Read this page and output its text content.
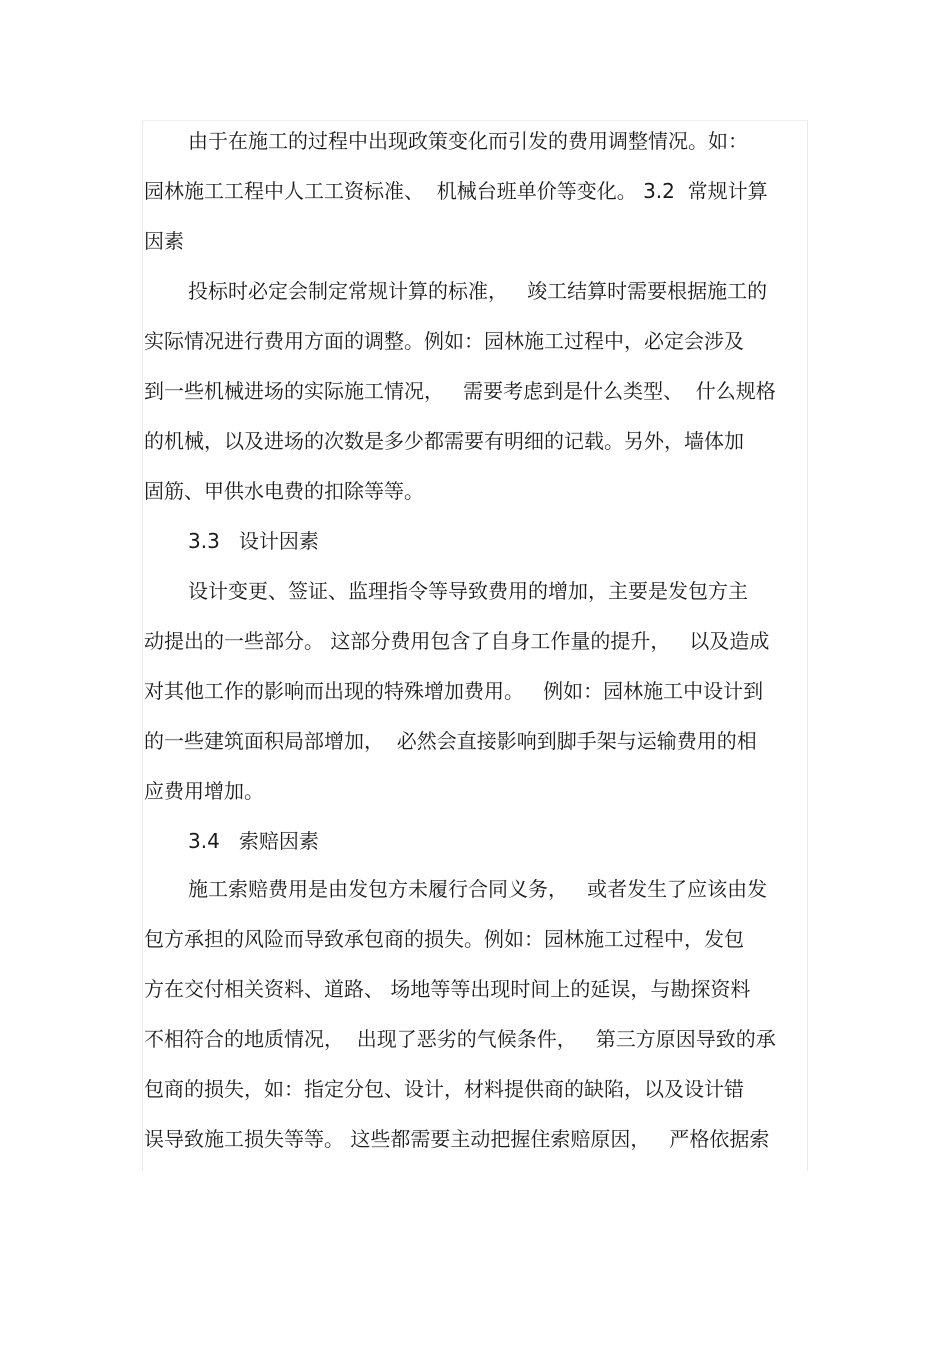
由于在施工的过程中出现政策变化而引发的费用调整情况。如：
园林施工工程中人工工资标准、  机械台班单价等变化。 3.2  常规计算
因素
投标时必定会制定常规计算的标准，   竣工结算时需要根据施工的
实际情况进行费用方面的调整。例如：园林施工过程中，必定会涉及
到一些机械进场的实际施工情况，   需要考虑到是什么类型、  什么规格
的机械，以及进场的次数是多少都需要有明细的记载。另外，墙体加
固筋、甲供水电费的扣除等等。
3.3   设计因素
设计变更、签证、监理指令等导致费用的增加，主要是发包方主
动提出的一些部分。 这部分费用包含了自身工作量的提升，   以及造成
对其他工作的影响而出现的特殊增加费用。   例如：园林施工中设计到
的一些建筑面积局部增加，  必然会直接影响到脚手架与运输费用的相
应费用增加。
3.4   索赔因素
施工索赔费用是由发包方未履行合同义务，   或者发生了应该由发
包方承担的风险而导致承包商的损失。例如：园林施工过程中，发包
方在交付相关资料、道路、 场地等等出现时间上的延误，与勘探资料
不相符合的地质情况，  出现了恶劣的气候条件，   第三方原因导致的承
包商的损失，如：指定分包、设计，材料提供商的缺陷，以及设计错
误导致施工损失等等。 这些都需要主动把握住索赔原因，   严格依据索
